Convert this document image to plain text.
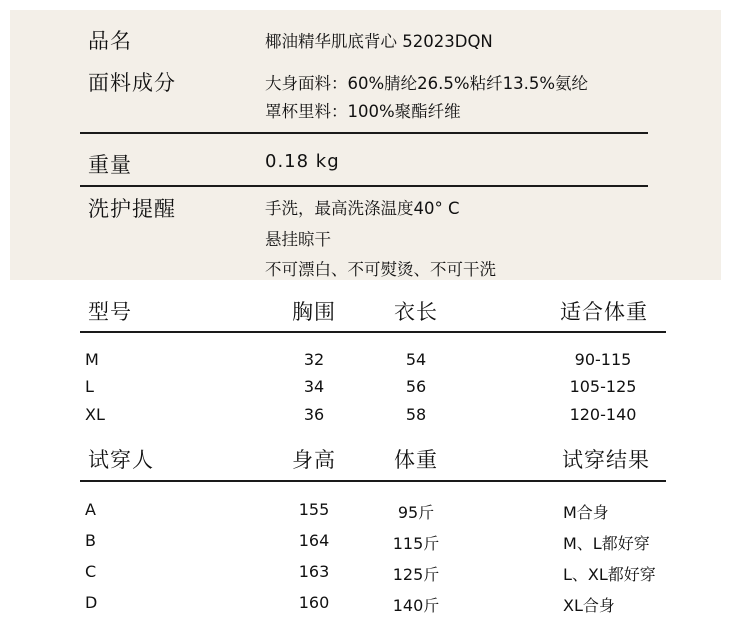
品名	椰油精华肌底背心 52023DQN
面料成分	大身面料：60%腈纶26.5%粘纤13.5%氨纶
罩杯里料：100%聚酯纤维
重量	0.18 kg
洗护提醒	手洗，最高洗涤温度40° C
悬挂晾干
不可漂白、不可熨烫、不可干洗
型号	胸围	衣长	适合体重
M	32	54	90-115
L	34	56	105-125
XL	36	58	120-140
试穿人	身高	体重	试穿结果
A	155	95斤	M合身
B	164	115斤	M、L都好穿
C	163	125斤	L、XL都好穿
D	160	140斤	XL合身
